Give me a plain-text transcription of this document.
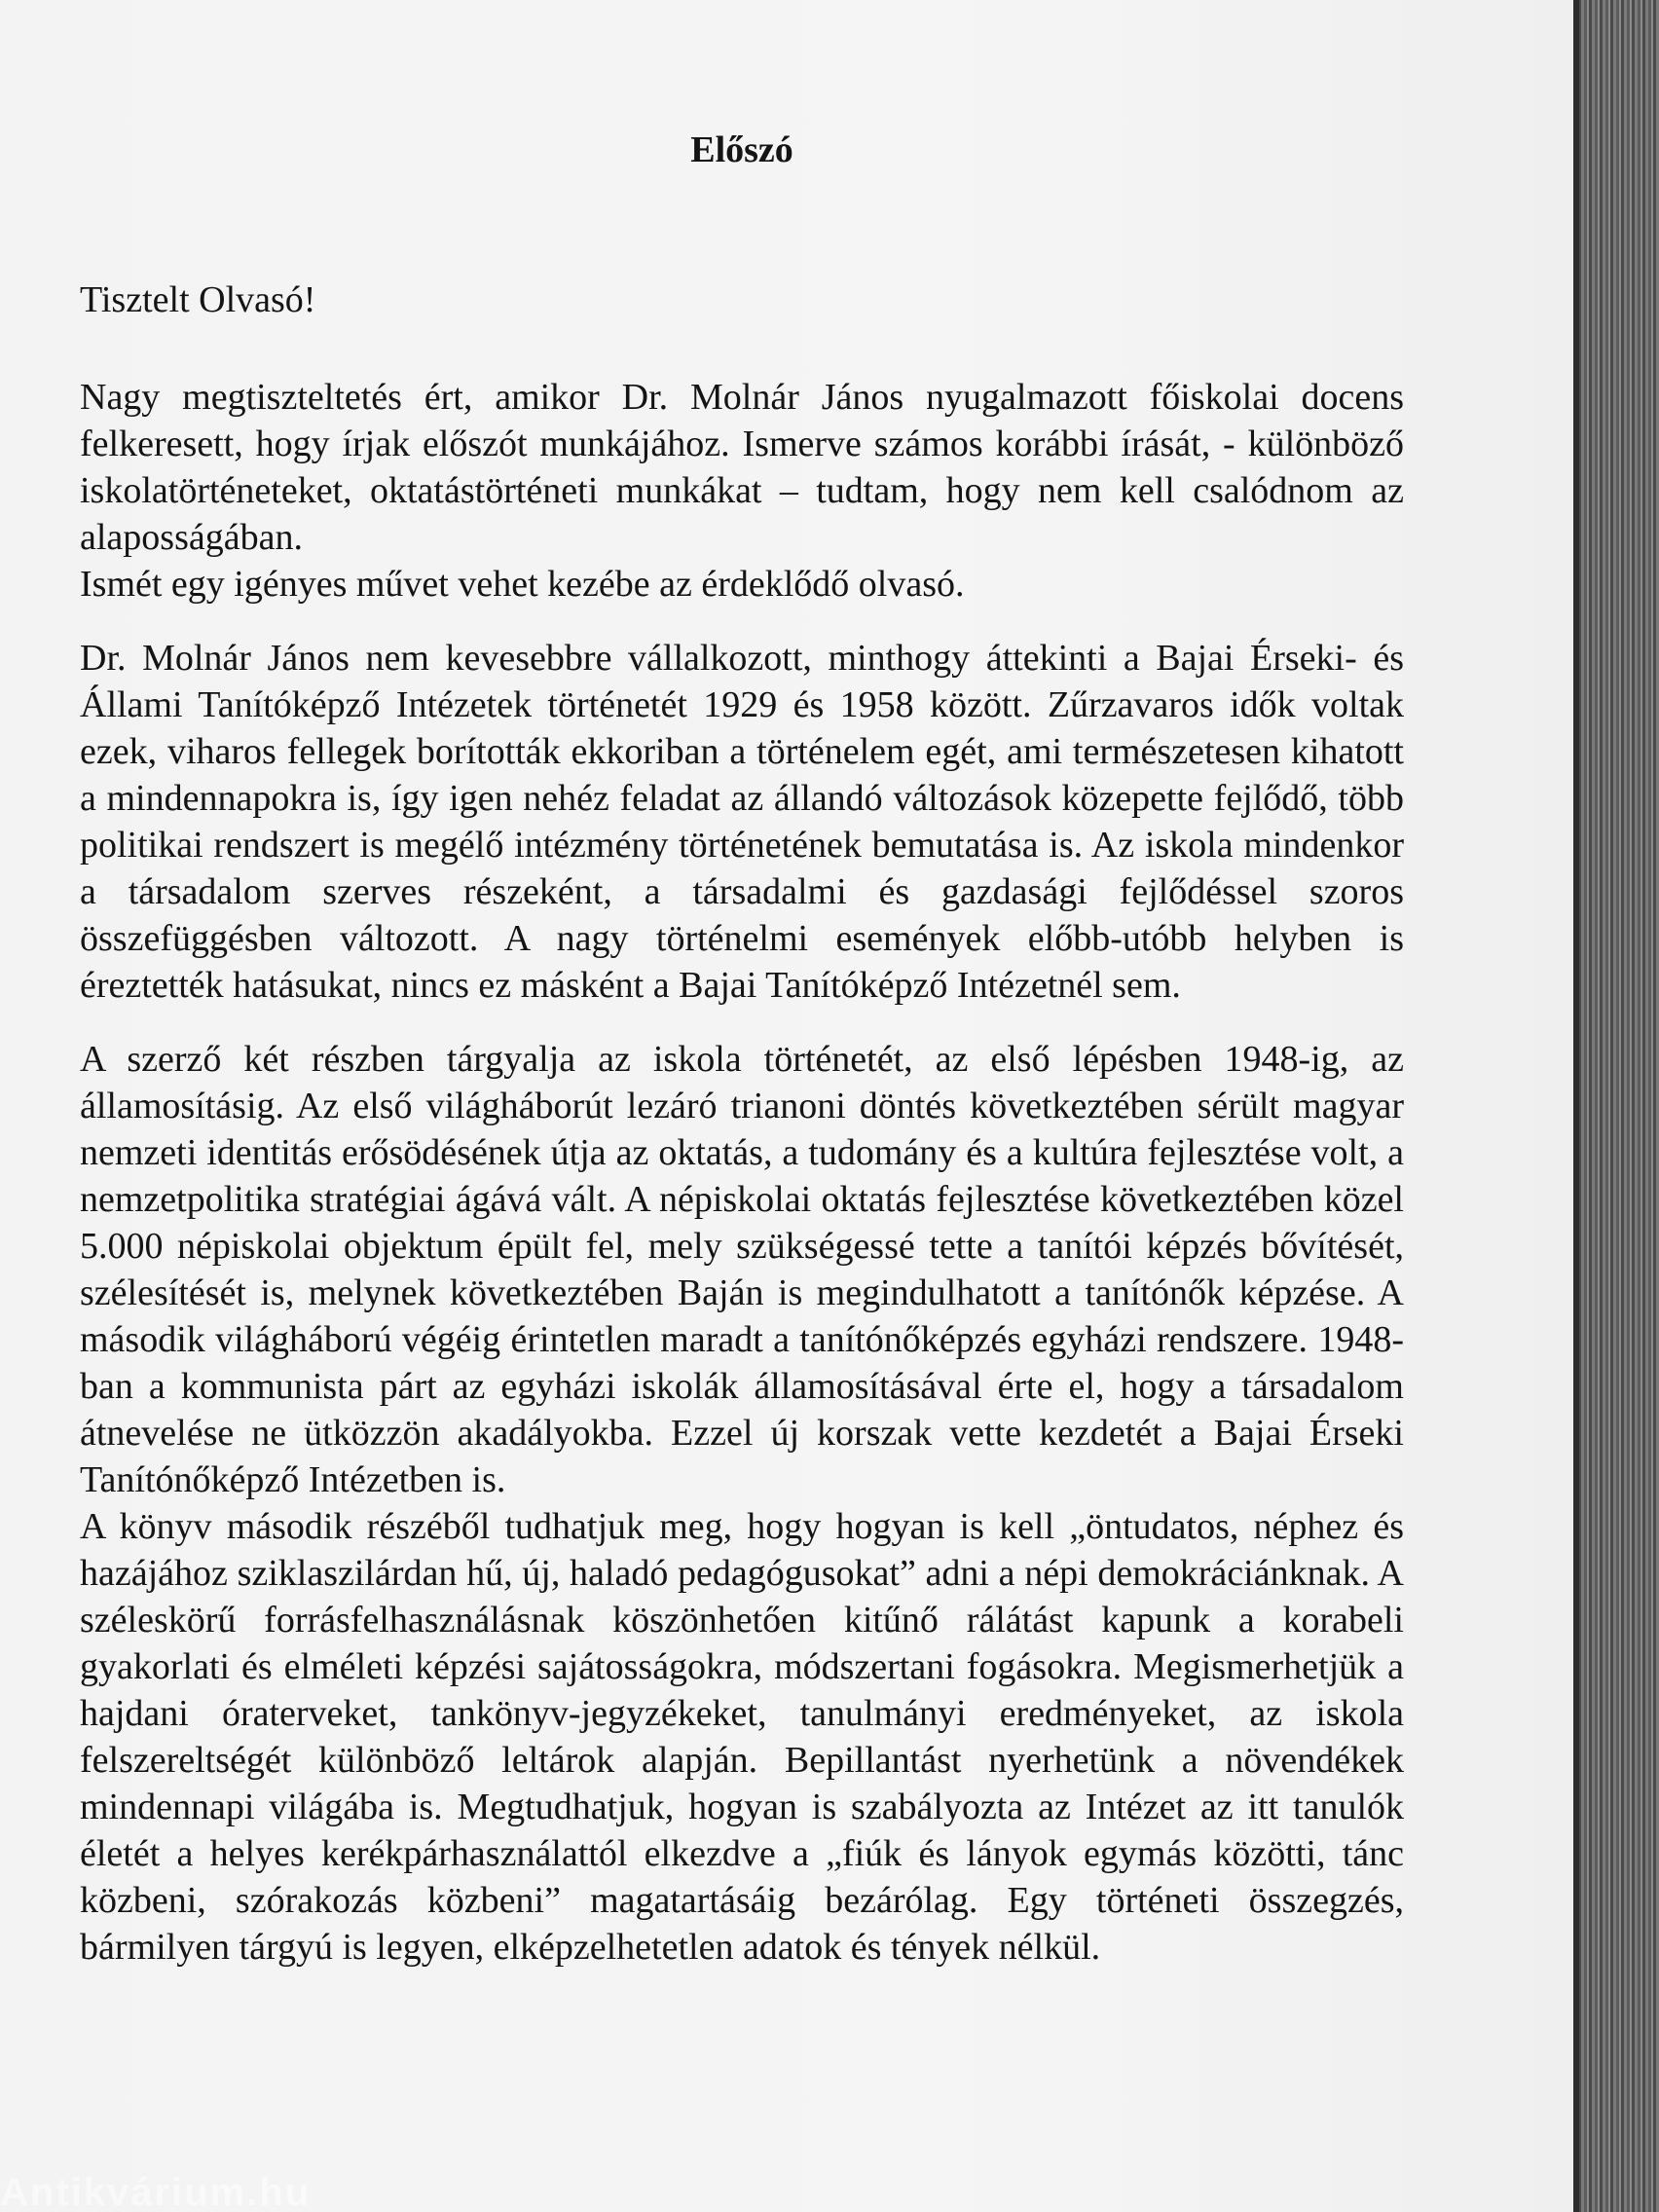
Előszó
Tisztelt Olvasó!

Nagy megtiszteltetés ért, amikor Dr. Molnár János nyugalmazott főiskolai docens felkeresett, hogy írjak előszót munkájához. Ismerve számos korábbi írását, - különböző iskolatörténeteket, oktatástörténeti munkákat – tudtam, hogy nem kell csalódnom az alaposságában.

Ismét egy igényes művet vehet kezébe az érdeklődő olvasó.

Dr. Molnár János nem kevesebbre vállalkozott, minthogy áttekinti a Bajai Érseki- és Állami Tanítóképző Intézetek történetét 1929 és 1958 között. Zűrzavaros idők voltak ezek, viharos fellegek borították ekkoriban a történelem egét, ami természetesen kihatott a mindennapokra is, így igen nehéz feladat az állandó változások közepette fejlődő, több politikai rendszert is megélő intézmény történetének bemutatása is. Az iskola mindenkor a társadalom szerves részeként, a társadalmi és gazdasági fejlődéssel szoros összefüggésben változott. A nagy történelmi események előbb-utóbb helyben is éreztették hatásukat, nincs ez másként a Bajai Tanítóképző Intézetnél sem.

A szerző két részben tárgyalja az iskola történetét, az első lépésben 1948-ig, az államosításig. Az első világháborút lezáró trianoni döntés következtében sérült magyar nemzeti identitás erősödésének útja az oktatás, a tudomány és a kultúra fejlesztése volt, a nemzetpolitika stratégiai ágává vált. A népiskolai oktatás fejlesztése következtében közel 5.000 népiskolai objektum épült fel, mely szükségessé tette a tanítói képzés bővítését, szélesítését is, melynek következtében Baján is megindulhatott a tanítónők képzése. A második világháború végéig érintetlen maradt a tanítónőképzés egyházi rendszere. 1948-ban a kommunista párt az egyházi iskolák államosításával érte el, hogy a társadalom átnevelése ne ütközzön akadályokba. Ezzel új korszak vette kezdetét a Bajai Érseki Tanítónőképző Intézetben is.

A könyv második részéből tudhatjuk meg, hogy hogyan is kell „öntudatos, néphez és hazájához sziklaszilárdan hű, új, haladó pedagógusokat” adni a népi demokráciánknak. A széleskörű forrásfelhasználásnak köszönhetően kitűnő rálátást kapunk a korabeli gyakorlati és elméleti képzési sajátosságokra, módszertani fogásokra. Megismerhetjük a hajdani óraterveket, tankönyv-jegyzékeket, tanulmányi eredményeket, az iskola felszereltségét különböző leltárok alapján. Bepillantást nyerhetünk a növendékek mindennapi világába is. Megtudhatjuk, hogyan is szabályozta az Intézet az itt tanulók életét a helyes kerékpárhasználattól elkezdve a „fiúk és lányok egymás közötti, tánc közbeni, szórakozás közbeni” magatartásáig bezárólag. Egy történeti összegzés, bármilyen tárgyú is legyen, elképzelhetetlen adatok és tények nélkül.

Antikvárium.hu
